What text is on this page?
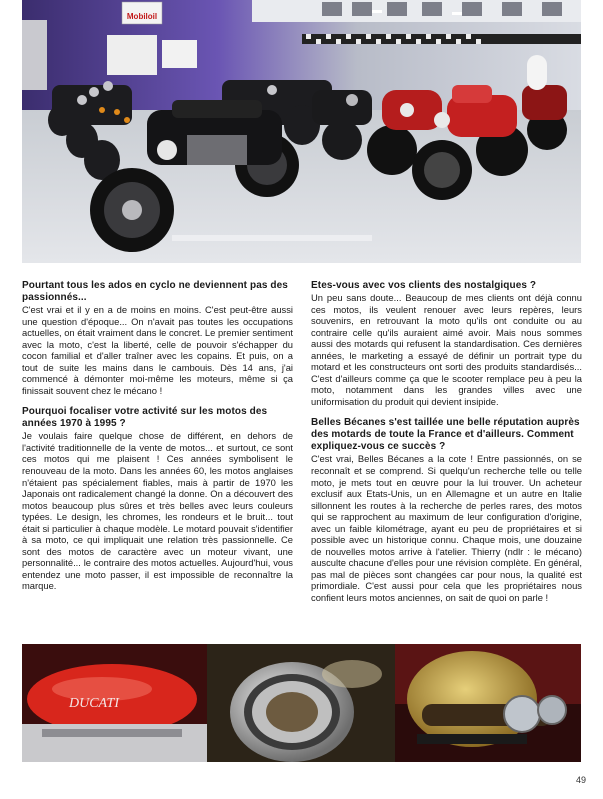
Mobiloil
Pourtant tous les ados en cyclo ne deviennent pas des passionnés...

C'est vrai et il y en a de moins en moins. C'est peut-être aussi une question d'époque... On n'avait pas toutes les occupations actuelles, on était vraiment dans le concret. Le premier sentiment avec la moto, c'est la liberté, celle de pouvoir s'échapper du cocon familial et d'aller traîner avec les copains. Et puis, on a tout de suite les mains dans le cambouis. Dès 14 ans, j'ai commencé à démonter moi-même les moteurs, même si ça finissait souvent chez le mécano !

Pourquoi focaliser votre activité sur les motos des années 1970 à 1995 ?

Je voulais faire quelque chose de différent, en dehors de l'activité traditionnelle de la vente de motos... et surtout, ce sont ces motos qui me plaisent ! Ces années symbolisent le renouveau de la moto. Dans les années 60, les motos anglaises n'étaient pas spécialement fiables, mais à partir de 1970 les Japonais ont radicalement changé la donne. On a découvert des motos beaucoup plus sûres et très belles avec leurs couleurs typées. Le design, les chromes, les rondeurs et le bruit... tout était si particulier à chaque modèle. Le motard pouvait s'identifier à sa moto, ce qui impliquait une relation très passionnelle. Ce sont des motos de caractère avec un moteur vivant, une personnalité... le contraire des motos actuelles. Aujourd'hui, vous entendez une moto passer, il est impossible de reconnaître la marque.

Etes-vous avec vos clients des nostalgiques ?

Un peu sans doute... Beaucoup de mes clients ont déjà connu ces motos, ils veulent renouer avec leurs repères, leurs souvenirs, en retrouvant la moto qu'ils ont conduite ou au contraire celle qu'ils auraient aimé avoir. Mais nous sommes aussi des motards qui refusent la standardisation. Ces dernières années, le marketing a essayé de définir un portrait type du motard et les constructeurs ont sorti des produits standardisés... C'est d'ailleurs comme ça que le scooter remplace peu à peu la moto, notamment dans les grandes villes avec une uniformisation du produit qui devient insipide.

Belles Bécanes s'est taillée une belle réputation auprès des motards de toute la France et d'ailleurs. Comment expliquez-vous ce succès ?

C'est vrai, Belles Bécanes a la cote ! Entre passionnés, on se reconnaît et se comprend. Si quelqu'un recherche telle ou telle moto, je mets tout en œuvre pour la lui trouver. Un acheteur exclusif aux Etats-Unis, un en Allemagne et un autre en Italie sillonnent les routes à la recherche de perles rares, des motos qui se rapprochent au maximum de leur configuration d'origine, avec un faible kilométrage, ayant eu peu de propriétaires et si possible avec un historique connu. Chaque mois, une douzaine de nouvelles motos arrive à l'atelier. Thierry (ndlr : le mécano) ausculte chacune d'elles pour une révision complète. En général, pas mal de pièces sont changées car pour nous, la qualité est primordiale. C'est aussi pour cela que les propriétaires nous confient leurs motos anciennes, on sait de quoi on parle !

DUCATI
49
